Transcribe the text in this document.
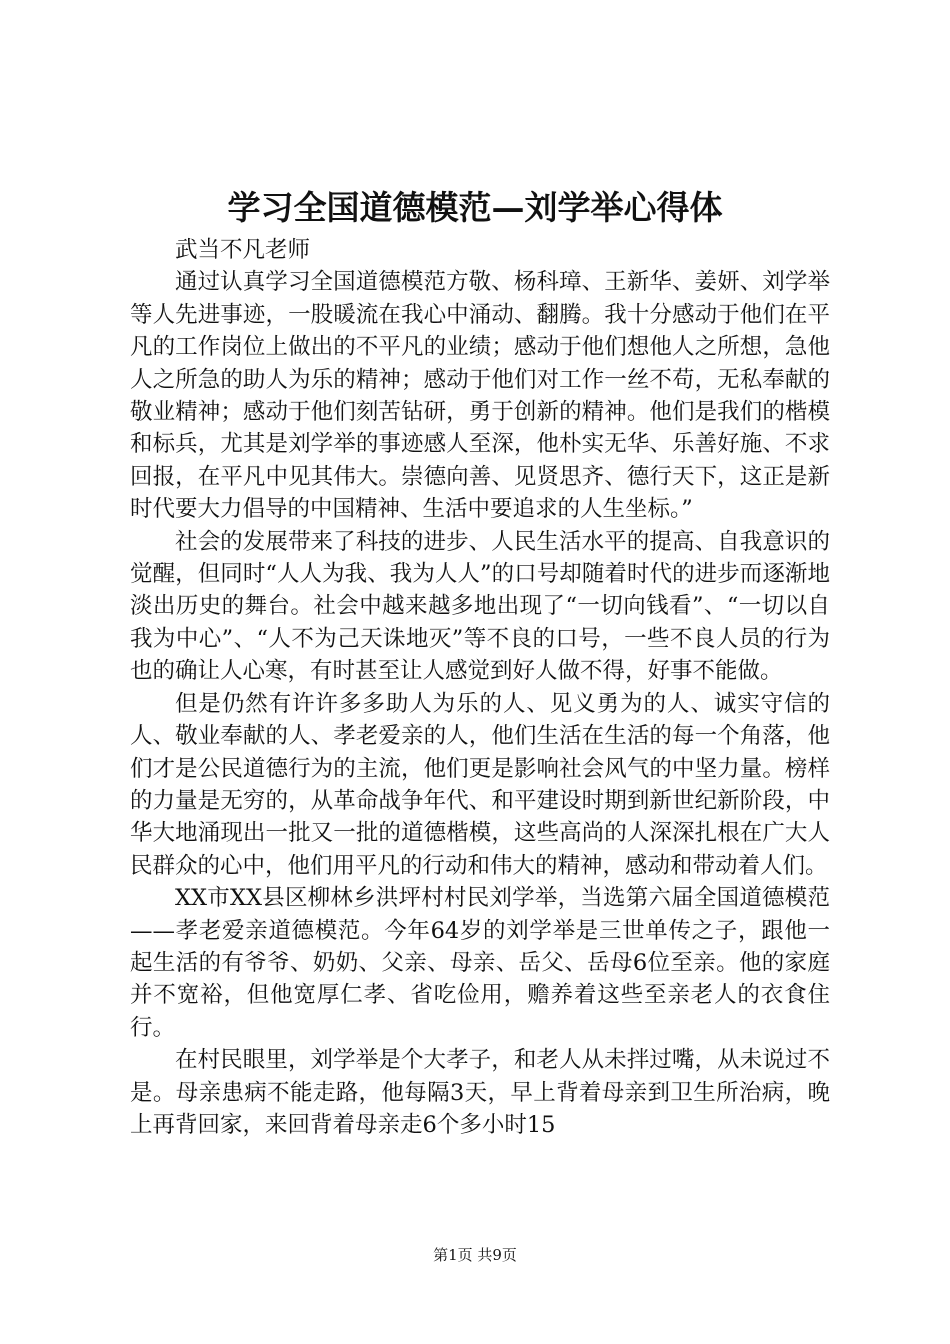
学习全国道德模范—刘学举心得体

武当不凡老师

通过认真学习全国道德模范方敬、杨科璋、王新华、姜妍、刘学举等人先进事迹，一股暖流在我心中涌动、翻腾。我十分感动于他们在平凡的工作岗位上做出的不平凡的业绩；感动于他们想他人之所想，急他人之所急的助人为乐的精神；感动于他们对工作一丝不苟，无私奉献的敬业精神；感动于他们刻苦钻研，勇于创新的精神。他们是我们的楷模和标兵，尤其是刘学举的事迹感人至深，他朴实无华、乐善好施、不求回报，在平凡中见其伟大。崇德向善、见贤思齐、德行天下，这正是新时代要大力倡导的中国精神、生活中要追求的人生坐标。”

社会的发展带来了科技的进步、人民生活水平的提高、自我意识的觉醒，但同时“人人为我、我为人人”的口号却随着时代的进步而逐渐地淡出历史的舞台。社会中越来越多地出现了“一切向钱看”、“一切以自我为中心”、“人不为己天诛地灭”等不良的口号，一些不良人员的行为也的确让人心寒，有时甚至让人感觉到好人做不得，好事不能做。

但是仍然有许许多多助人为乐的人、见义勇为的人、诚实守信的人、敬业奉献的人、孝老爱亲的人，他们生活在生活的每一个角落，他们才是公民道德行为的主流，他们更是影响社会风气的中坚力量。榜样的力量是无穷的，从革命战争年代、和平建设时期到新世纪新阶段，中华大地涌现出一批又一批的道德楷模，这些高尚的人深深扎根在广大人民群众的心中，他们用平凡的行动和伟大的精神，感动和带动着人们。

XX市XX县区柳林乡洪坪村村民刘学举，当选第六届全国道德模范——孝老爱亲道德模范。今年64岁的刘学举是三世单传之子，跟他一起生活的有爷爷、奶奶、父亲、母亲、岳父、岳母6位至亲。他的家庭并不宽裕，但他宽厚仁孝、省吃俭用，赡养着这些至亲老人的衣食住行。

在村民眼里，刘学举是个大孝子，和老人从未拌过嘴，从未说过不是。母亲患病不能走路，他每隔3天，早上背着母亲到卫生所治病，晚上再背回家，来回背着母亲走6个多小时15

第1页 共9页
